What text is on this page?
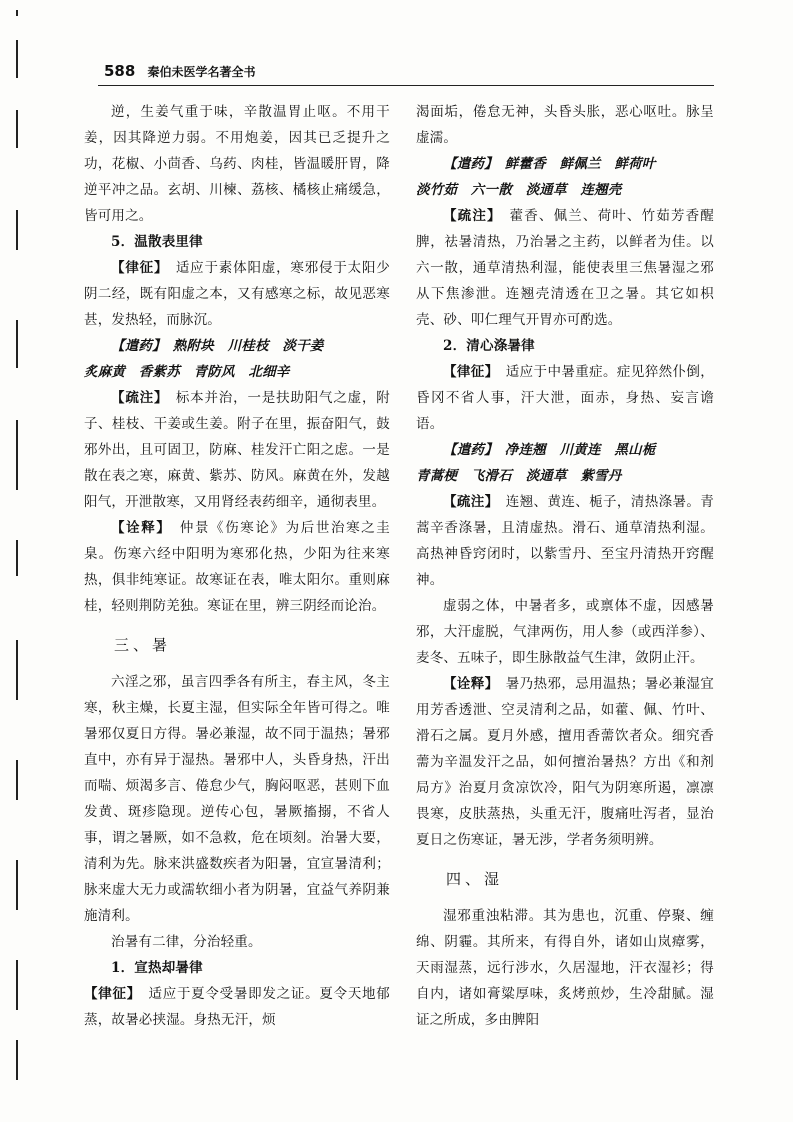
588 秦伯未医学名著全书

逆，生姜气重于味，辛散温胃止呕。不用干姜，因其降逆力弱。不用炮姜，因其已乏提升之功，花椒、小茴香、乌药、肉桂，皆温暖肝胃，降逆平冲之品。玄胡、川楝、荔核、橘核止痛缓急，皆可用之。

5．温散表里律

【律征】　 适应于素体阳虚，寒邪侵于太阳少阴二经，既有阳虚之本，又有感寒之标，故见恶寒甚，发热轻，而脉沉。

【遣药】　 熟附块　川桂枝　淡干姜

炙麻黄　香紫苏　青防风　北细辛

【疏注】　 标本并治，一是扶助阳气之虚，附子、桂枝、干姜或生姜。附子在里，振奋阳气，鼓邪外出，且可固卫，防麻、桂发汗亡阳之虑。一是散在表之寒，麻黄、紫苏、防风。麻黄在外，发越阳气，开泄散寒，又用肾经表药细辛，通彻表里。

【诠释】　 仲景《伤寒论》为后世治寒之圭臬。伤寒六经中阳明为寒邪化热，少阳为往来寒热，俱非纯寒证。故寒证在表，唯太阳尔。重则麻桂，轻则荆防羌独。寒证在里，辨三阴经而论治。

三、暑

六淫之邪，虽言四季各有所主，春主风，冬主寒，秋主燥，长夏主湿，但实际全年皆可得之。唯暑邪仅夏日方得。暑必兼湿，故不同于温热；暑邪直中，亦有异于湿热。暑邪中人，头昏身热，汗出而喘、烦渴多言、倦怠少气，胸闷呕恶，甚则下血发黄、斑疹隐现。逆传心包，暑厥搐搦，不省人事，谓之暑厥，如不急救，危在顷刻。治暑大要，清利为先。脉来洪盛数疾者为阳暑，宜宣暑清利；脉来虚大无力或濡软细小者为阴暑，宜益气养阴兼施清利。

治暑有二律，分治轻重。

1．宣热却暑律

【律征】　 适应于夏令受暑即发之证。夏令天地郁蒸，故暑必挟湿。身热无汗，烦

渴面垢，倦怠无神，头昏头胀，恶心呕吐。脉呈虚濡。

【遣药】　 鲜藿香　鲜佩兰　鲜荷叶

淡竹茹　六一散　淡通草　连翘壳

【疏注】　 藿香、佩兰、荷叶、竹茹芳香醒脾，祛暑清热，乃治暑之主药，以鲜者为佳。以六一散，通草清热利湿，能使表里三焦暑湿之邪从下焦渗泄。连翘壳清透在卫之暑。其它如枳壳、砂、叩仁理气开胃亦可酌选。

2．清心涤暑律

【律征】　 适应于中暑重症。症见猝然仆倒，昏冈不省人事，汗大泄，面赤，身热、妄言谵语。

【遣药】　 净连翘　川黄连　黑山栀

青蒿梗　飞滑石　淡通草　紫雪丹

【疏注】　 连翘、黄连、栀子，清热涤暑。青蒿辛香涤暑，且清虚热。滑石、通草清热利湿。高热神昏窍闭时，以紫雪丹、至宝丹清热开窍醒神。

虚弱之体，中暑者多，或禀体不虚，因感暑邪，大汗虚脱，气津两伤，用人参（或西洋参）、麦冬、五味子，即生脉散益气生津，敛阴止汗。

【诠释】　 暑乃热邪，忌用温热；暑必兼湿宜用芳香透泄、空灵清利之品，如藿、佩、竹叶、滑石之属。夏月外感，擅用香薷饮者众。细究香薷为辛温发汗之品，如何擅治暑热？方出《和剂局方》治夏月贪凉饮冷，阳气为阴寒所遏，凛凛畏寒，皮肤蒸热，头重无汗，腹痛吐泻者，显治夏日之伤寒证，暑无涉，学者务须明辨。

四、湿

湿邪重浊粘滞。其为患也，沉重、停聚、缠绵、阴霾。其所来，有得自外，诸如山岚瘴雾，天雨湿蒸，远行涉水，久居湿地，汗衣湿衫；得自内，诸如膏粱厚味，炙烤煎炒，生冷甜腻。湿证之所成，多由脾阳
